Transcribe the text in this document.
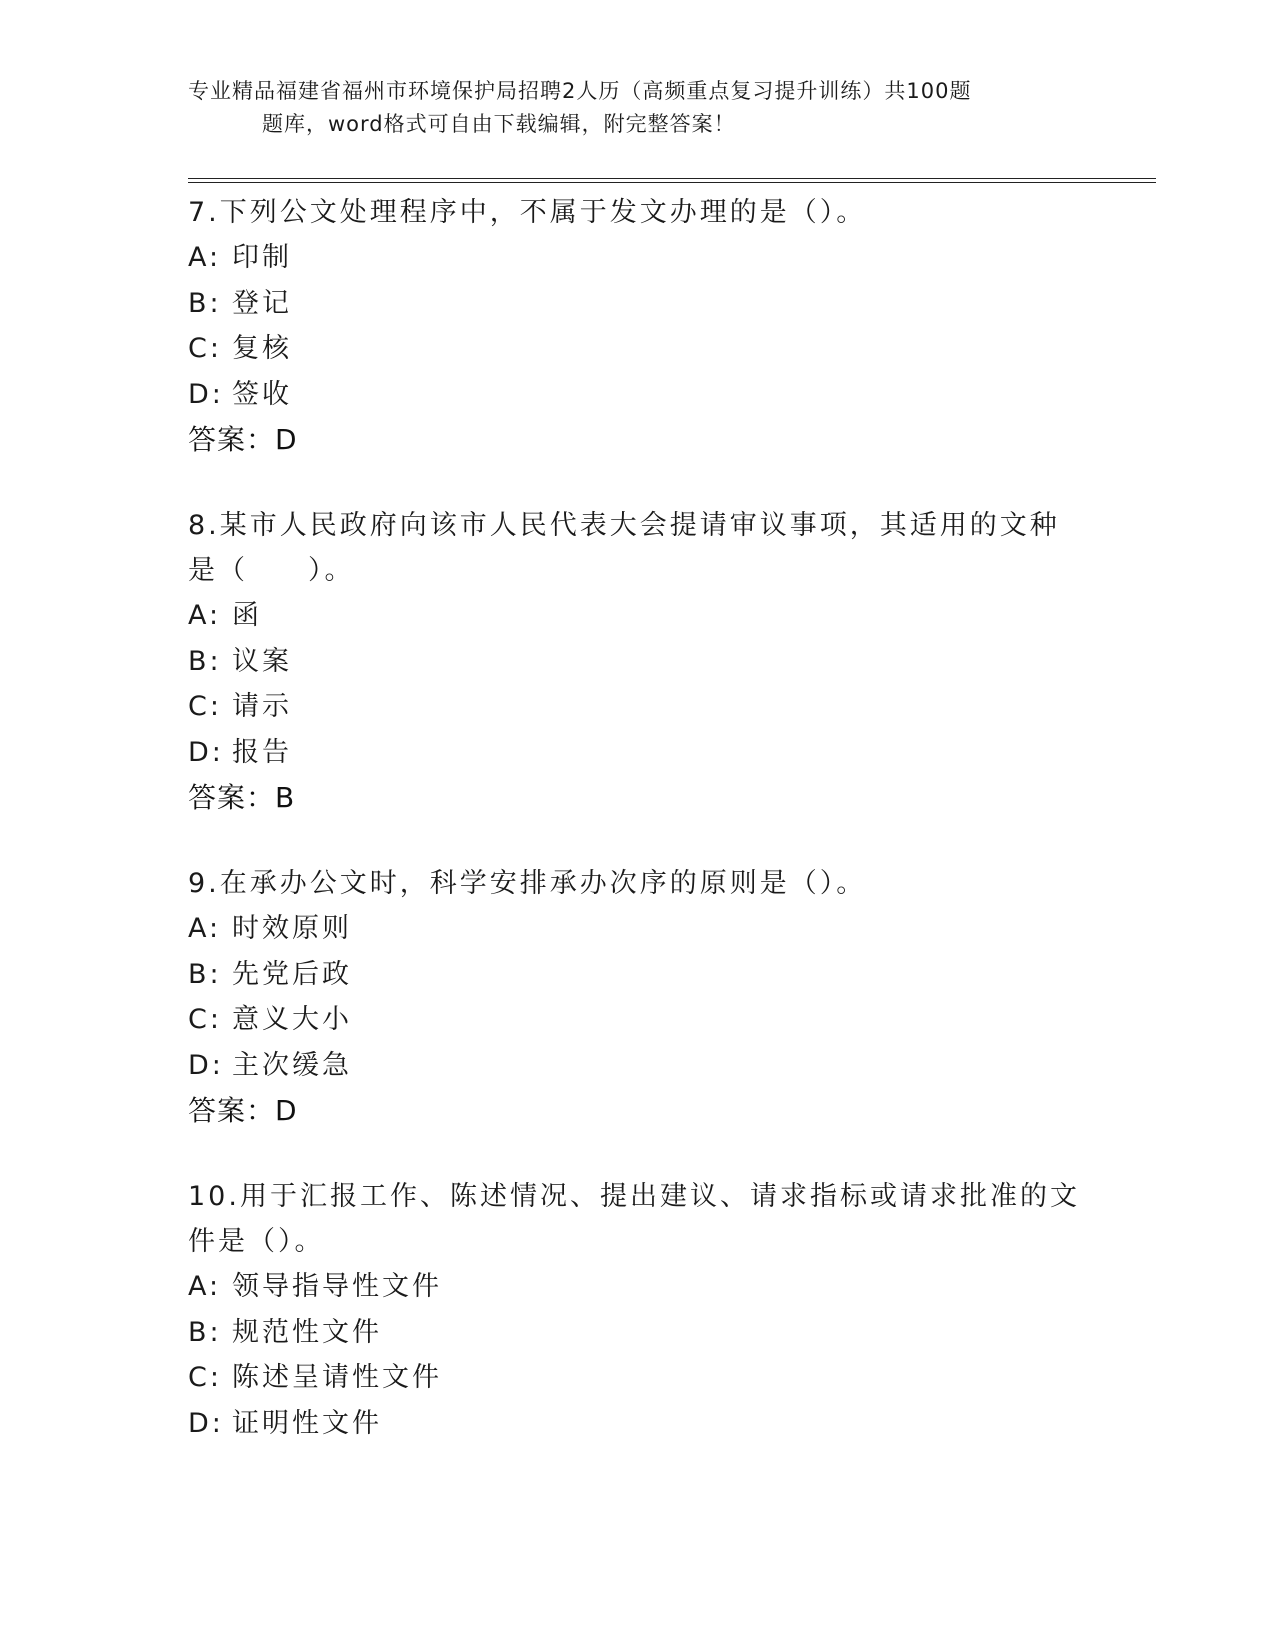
专业精品福建省福州市环境保护局招聘2人历（高频重点复习提升训练）共100题
题库，word格式可自由下载编辑，附完整答案！
7.下列公文处理程序中，不属于发文办理的是（）。
A: 印制
B: 登记
C: 复核
D: 签收
答案：D
8.某市人民政府向该市人民代表大会提请审议事项，其适用的文种是（　　）。
A: 函
B: 议案
C: 请示
D: 报告
答案：B
9.在承办公文时，科学安排承办次序的原则是（）。
A: 时效原则
B: 先党后政
C: 意义大小
D: 主次缓急
答案：D
10.用于汇报工作、陈述情况、提出建议、请求指标或请求批准的文件是（）。
A: 领导指导性文件
B: 规范性文件
C: 陈述呈请性文件
D: 证明性文件
